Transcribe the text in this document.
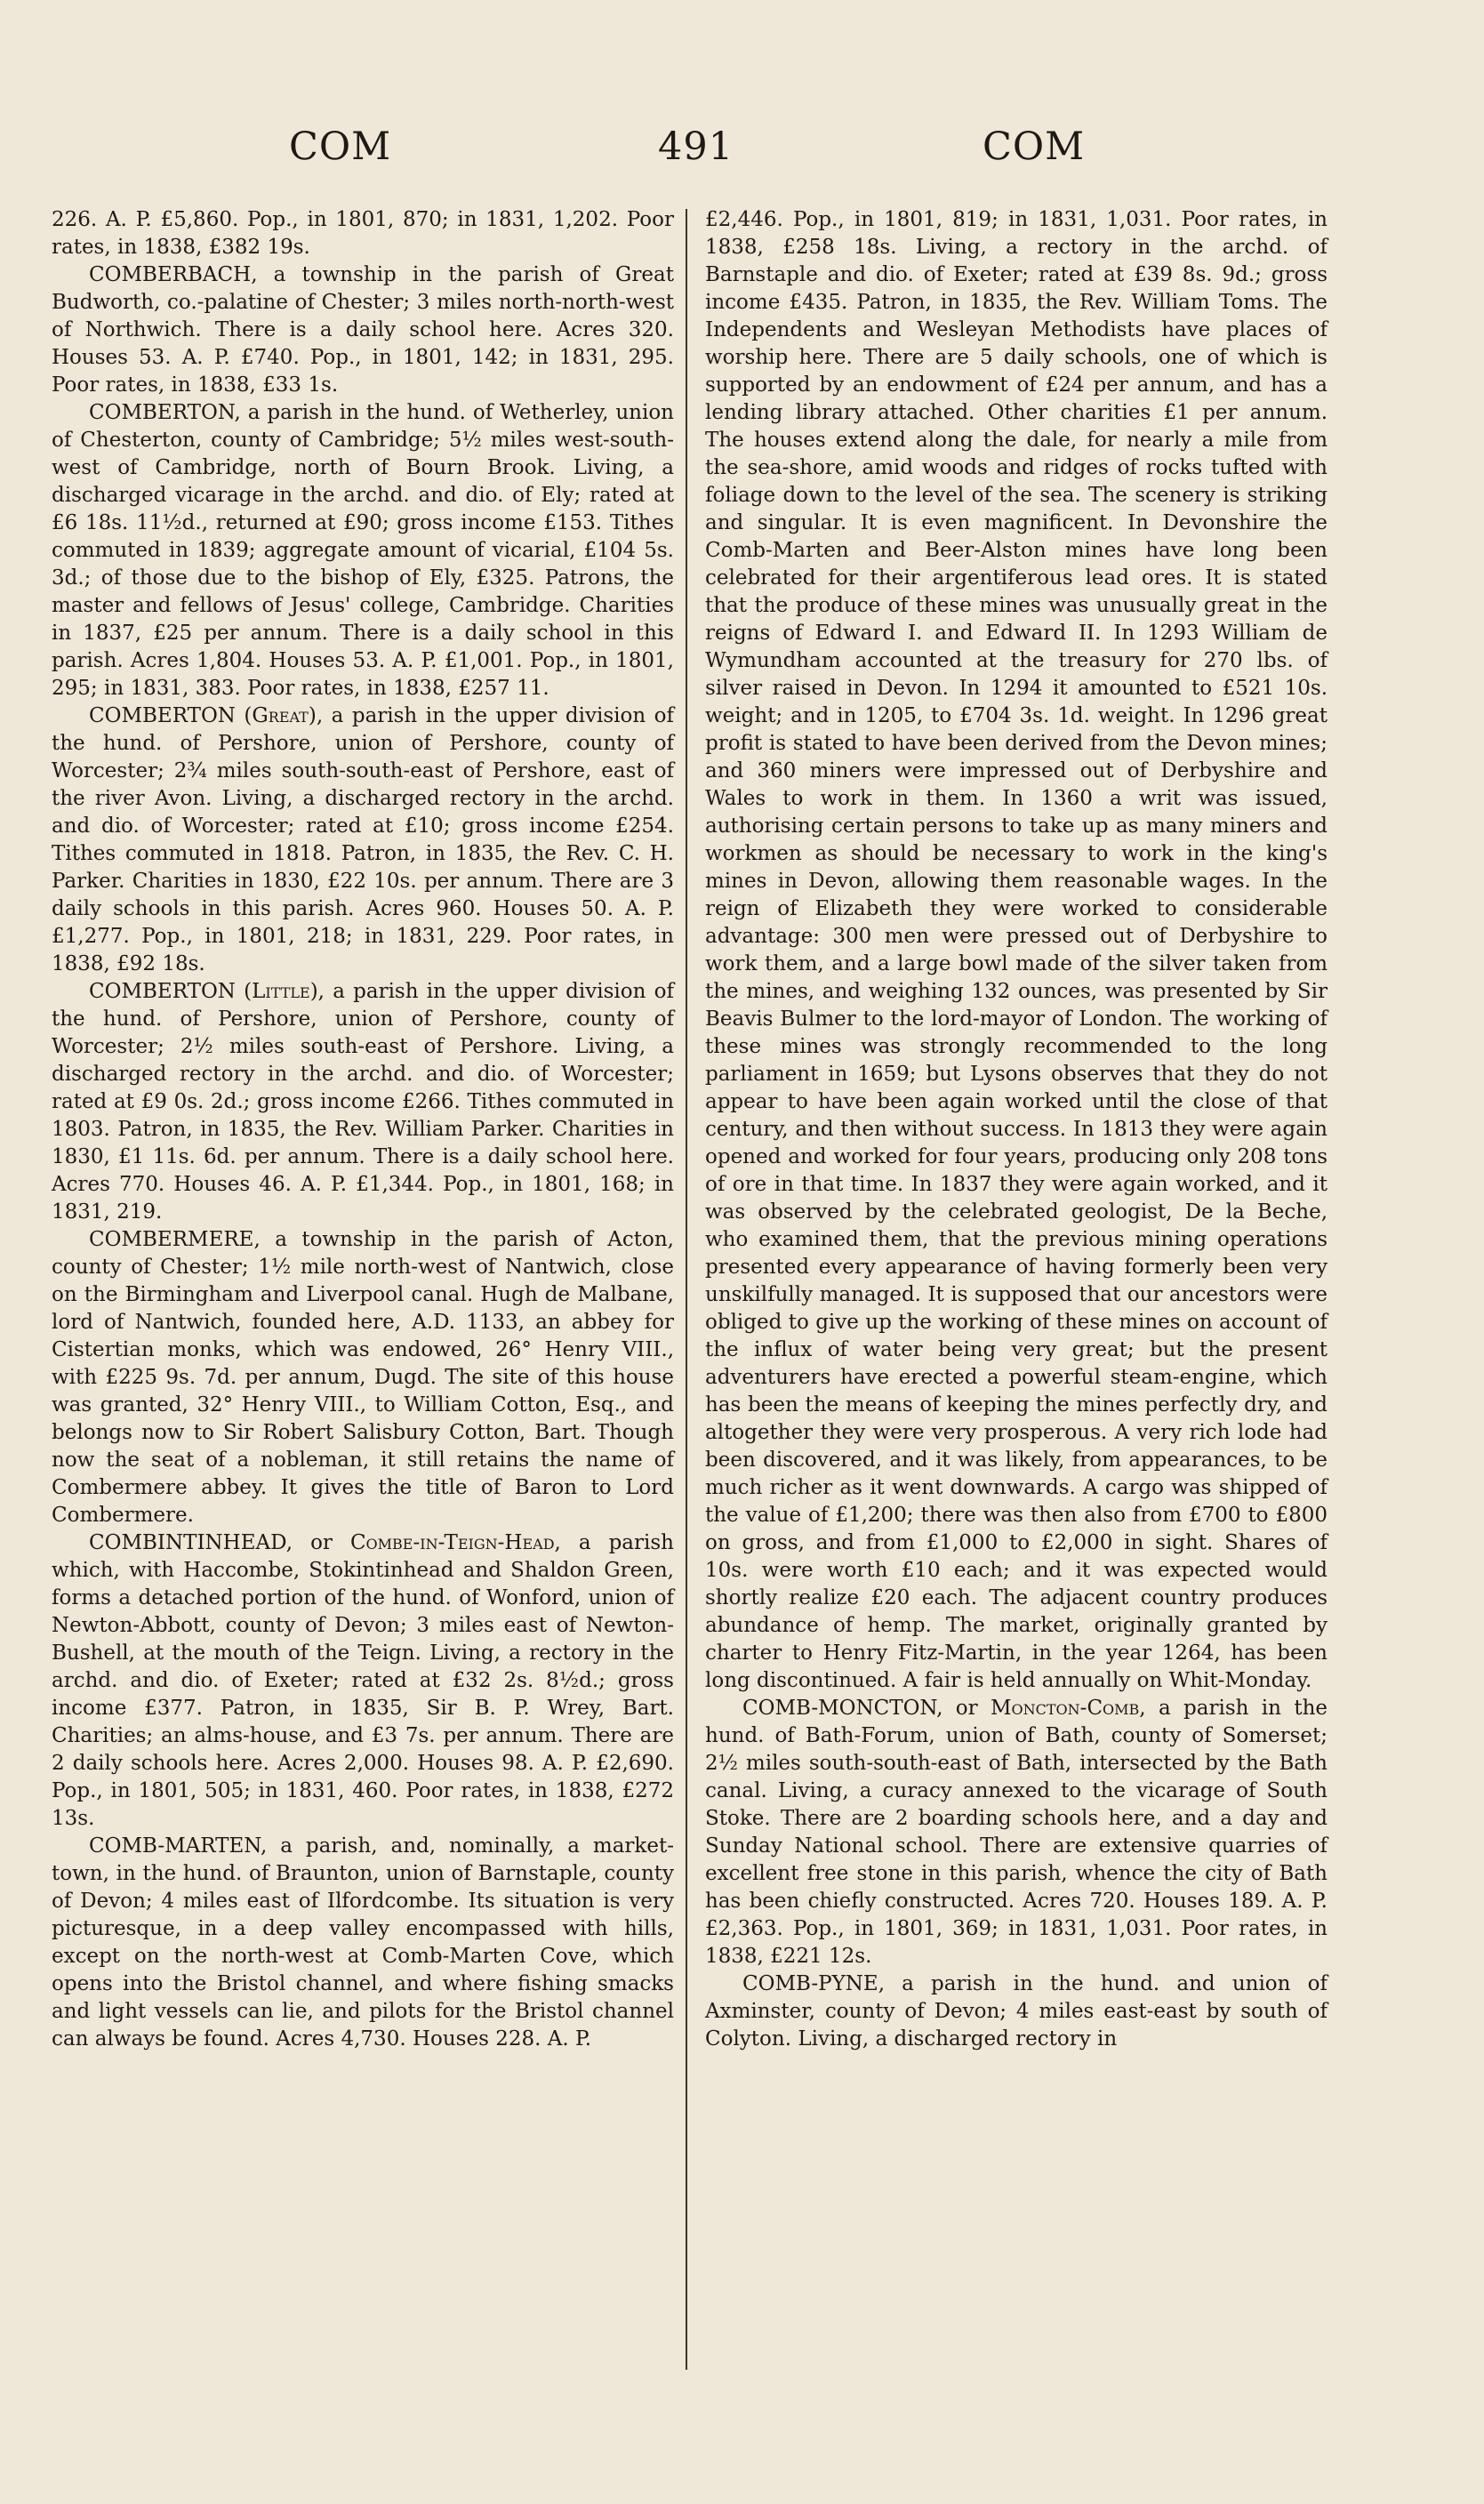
COM	491	COM

226. A. P. £5,860. Pop., in 1801, 870; in 1831, 1,202. Poor rates, in 1838, £382 19s.

COMBERBACH, a township in the parish of Great Budworth, co.-palatine of Chester; 3 miles north-north-west of Northwich. There is a daily school here. Acres 320. Houses 53. A. P. £740. Pop., in 1801, 142; in 1831, 295. Poor rates, in 1838, £33 1s.

COMBERTON, a parish in the hund. of Wetherley, union of Chesterton, county of Cambridge; 5½ miles west-south-west of Cambridge, north of Bourn Brook. Living, a discharged vicarage in the archd. and dio. of Ely; rated at £6 18s. 11½d., returned at £90; gross income £153. Tithes commuted in 1839; aggregate amount of vicarial, £104 5s. 3d.; of those due to the bishop of Ely, £325. Patrons, the master and fellows of Jesus' college, Cambridge. Charities in 1837, £25 per annum. There is a daily school in this parish. Acres 1,804. Houses 53. A. P. £1,001. Pop., in 1801, 295; in 1831, 383. Poor rates, in 1838, £257 11.

COMBERTON (Great), a parish in the upper division of the hund. of Pershore, union of Pershore, county of Worcester; 2¾ miles south-south-east of Pershore, east of the river Avon. Living, a discharged rectory in the archd. and dio. of Worcester; rated at £10; gross income £254. Tithes commuted in 1818. Patron, in 1835, the Rev. C. H. Parker. Charities in 1830, £22 10s. per annum. There are 3 daily schools in this parish. Acres 960. Houses 50. A. P. £1,277. Pop., in 1801, 218; in 1831, 229. Poor rates, in 1838, £92 18s.

COMBERTON (Little), a parish in the upper division of the hund. of Pershore, union of Pershore, county of Worcester; 2½ miles south-east of Pershore. Living, a discharged rectory in the archd. and dio. of Worcester; rated at £9 0s. 2d.; gross income £266. Tithes commuted in 1803. Patron, in 1835, the Rev. William Parker. Charities in 1830, £1 11s. 6d. per annum. There is a daily school here. Acres 770. Houses 46. A. P. £1,344. Pop., in 1801, 168; in 1831, 219.

COMBERMERE, a township in the parish of Acton, county of Chester; 1½ mile north-west of Nantwich, close on the Birmingham and Liverpool canal. Hugh de Malbane, lord of Nantwich, founded here, A.D. 1133, an abbey for Cistertian monks, which was endowed, 26° Henry VIII., with £225 9s. 7d. per annum, Dugd. The site of this house was granted, 32° Henry VIII., to William Cotton, Esq., and belongs now to Sir Robert Salisbury Cotton, Bart. Though now the seat of a nobleman, it still retains the name of Combermere abbey. It gives the title of Baron to Lord Combermere.

COMBINTINHEAD, or Combe-in-Teign-Head, a parish which, with Haccombe, Stokintinhead and Shaldon Green, forms a detached portion of the hund. of Wonford, union of Newton-Abbott, county of Devon; 3 miles east of Newton-Bushell, at the mouth of the Teign. Living, a rectory in the archd. and dio. of Exeter; rated at £32 2s. 8½d.; gross income £377. Patron, in 1835, Sir B. P. Wrey, Bart. Charities; an alms-house, and £3 7s. per annum. There are 2 daily schools here. Acres 2,000. Houses 98. A. P. £2,690. Pop., in 1801, 505; in 1831, 460. Poor rates, in 1838, £272 13s.

COMB-MARTEN, a parish, and, nominally, a market-town, in the hund. of Braunton, union of Barnstaple, county of Devon; 4 miles east of Ilfordcombe. Its situation is very picturesque, in a deep valley encompassed with hills, except on the north-west at Comb-Marten Cove, which opens into the Bristol channel, and where fishing smacks and light vessels can lie, and pilots for the Bristol channel can always be found. Acres 4,730. Houses 228. A. P.

£2,446. Pop., in 1801, 819; in 1831, 1,031. Poor rates, in 1838, £258 18s. Living, a rectory in the archd. of Barnstaple and dio. of Exeter; rated at £39 8s. 9d.; gross income £435. Patron, in 1835, the Rev. William Toms. The Independents and Wesleyan Methodists have places of worship here. There are 5 daily schools, one of which is supported by an endowment of £24 per annum, and has a lending library attached. Other charities £1 per annum. The houses extend along the dale, for nearly a mile from the sea-shore, amid woods and ridges of rocks tufted with foliage down to the level of the sea. The scenery is striking and singular. It is even magnificent. In Devonshire the Comb-Marten and Beer-Alston mines have long been celebrated for their argentiferous lead ores. It is stated that the produce of these mines was unusually great in the reigns of Edward I. and Edward II. In 1293 William de Wymundham accounted at the treasury for 270 lbs. of silver raised in Devon. In 1294 it amounted to £521 10s. weight; and in 1205, to £704 3s. 1d. weight. In 1296 great profit is stated to have been derived from the Devon mines; and 360 miners were impressed out of Derbyshire and Wales to work in them. In 1360 a writ was issued, authorising certain persons to take up as many miners and workmen as should be necessary to work in the king's mines in Devon, allowing them reasonable wages. In the reign of Elizabeth they were worked to considerable advantage: 300 men were pressed out of Derbyshire to work them, and a large bowl made of the silver taken from the mines, and weighing 132 ounces, was presented by Sir Beavis Bulmer to the lord-mayor of London. The working of these mines was strongly recommended to the long parliament in 1659; but Lysons observes that they do not appear to have been again worked until the close of that century, and then without success. In 1813 they were again opened and worked for four years, producing only 208 tons of ore in that time. In 1837 they were again worked, and it was observed by the celebrated geologist, De la Beche, who examined them, that the previous mining operations presented every appearance of having formerly been very unskilfully managed. It is supposed that our ancestors were obliged to give up the working of these mines on account of the influx of water being very great; but the present adventurers have erected a powerful steam-engine, which has been the means of keeping the mines perfectly dry, and altogether they were very prosperous. A very rich lode had been discovered, and it was likely, from appearances, to be much richer as it went downwards. A cargo was shipped of the value of £1,200; there was then also from £700 to £800 on gross, and from £1,000 to £2,000 in sight. Shares of 10s. were worth £10 each; and it was expected would shortly realize £20 each. The adjacent country produces abundance of hemp. The market, originally granted by charter to Henry Fitz-Martin, in the year 1264, has been long discontinued. A fair is held annually on Whit-Monday.

COMB-MONCTON, or Moncton-Comb, a parish in the hund. of Bath-Forum, union of Bath, county of Somerset; 2½ miles south-south-east of Bath, intersected by the Bath canal. Living, a curacy annexed to the vicarage of South Stoke. There are 2 boarding schools here, and a day and Sunday National school. There are extensive quarries of excellent free stone in this parish, whence the city of Bath has been chiefly constructed. Acres 720. Houses 189. A. P. £2,363. Pop., in 1801, 369; in 1831, 1,031. Poor rates, in 1838, £221 12s.

COMB-PYNE, a parish in the hund. and union of Axminster, county of Devon; 4 miles east-east by south of Colyton. Living, a discharged rectory in
